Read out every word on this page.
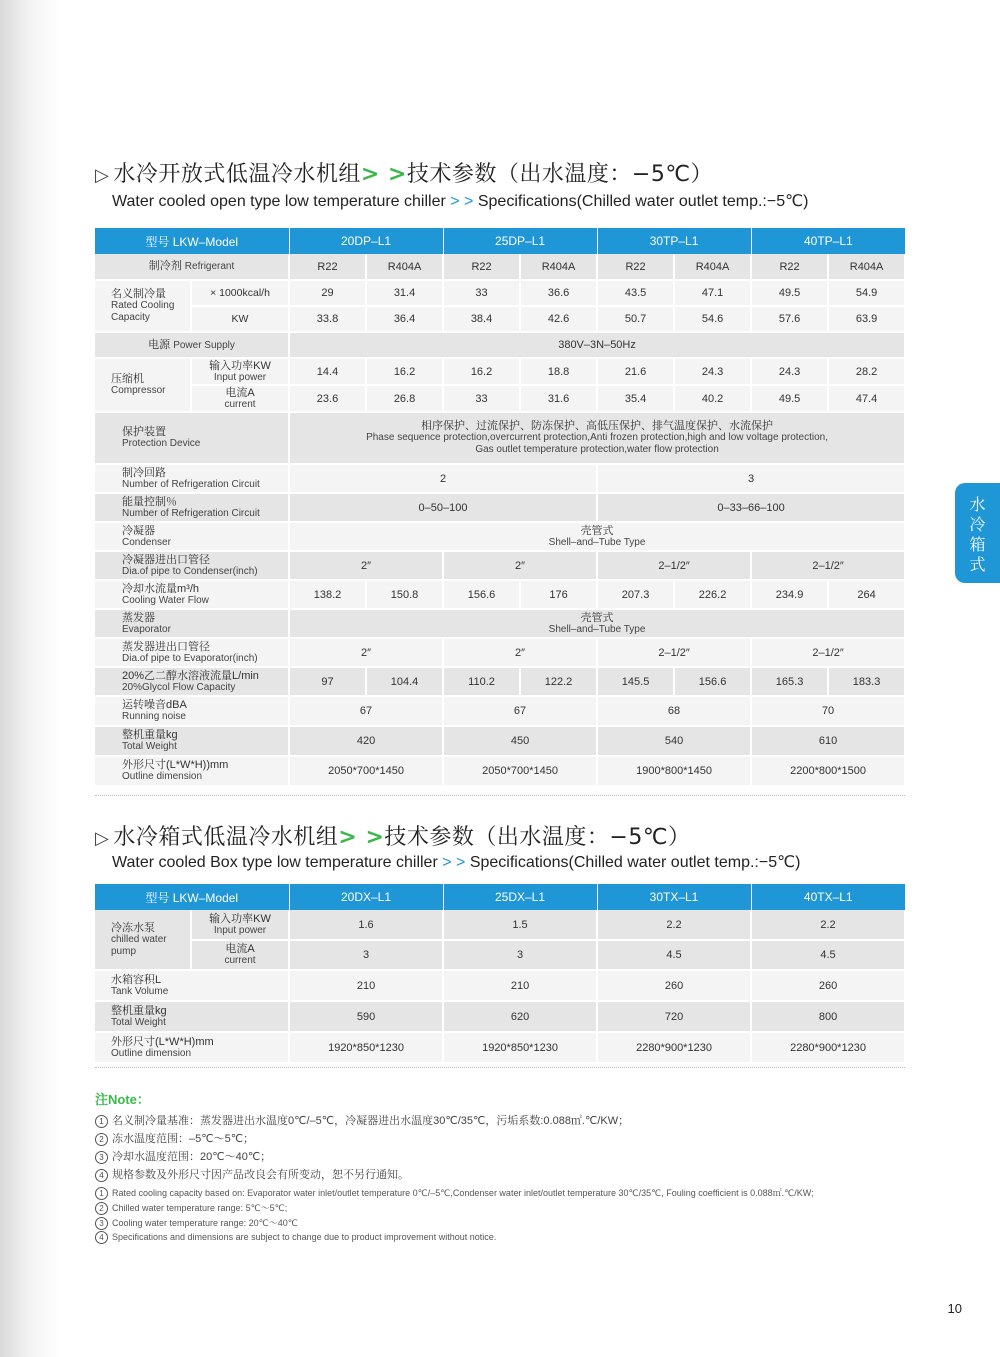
▷ 水冷开放式低温冷水机组> >技术参数（出水温度：−5℃）
Water cooled open type low temperature chiller > > Specifications(Chilled water outlet temp.:−5℃)
型号 LKW–Model		20DP–L1		25DP–L1		30TP–L1		40TP–L1	
制冷剂 Refrigerant		R22	R404A	R22	R404A	R22	R404A	R22	R404A

名义制冷量
Rated Cooling
Capacity	× 1000kcal/h	29	31.4	33	36.6	43.5	47.1	49.5	54.9
	KW	33.8	36.4	38.4	42.6	50.7	54.6	57.6	63.9
电源 Power Supply		380V–3N–50Hz							

压缩机
Compressor	输入功率KW
Input power	14.4	16.2	16.2	18.8	21.6	24.3	24.3	28.2

	电流A
current	23.6	26.8	33	31.6	35.4	40.2	49.5	47.4

保护装置
Protection Device		相序保护、过流保护、防冻保护、高低压保护、排气温度保护、水流保护
Phase sequence protection,overcurrent protection,Anti frozen protection,high and low voltage protection,
Gas outlet temperature protection,water flow protection							

制冷回路
Number of Refrigeration Circuit		2				3			

能量控制％
Number of Refrigeration Circuit		0–50–100				0–33–66–100			

冷凝器
Condenser		壳管式
Shell–and–Tube Type							

冷凝器进出口管径
Dia.of pipe to Condenser(inch)		2″		2″		2–1/2″		2–1/2″	

冷却水流量m³/h
Cooling Water Flow		138.2	150.8	156.6	176	207.3	226.2	234.9	264

蒸发器
Evaporator		壳管式
Shell–and–Tube Type							

蒸发器进出口管径
Dia.of pipe to Evaporator(inch)		2″		2″		2–1/2″		2–1/2″	

20%乙二醇水溶液流量L/min
20%Glycol Flow Capacity		97	104.4	110.2	122.2	145.5	156.6	165.3	183.3

运转噪音dBA
Running noise		67		67		68		70	

整机重量kg
Total Weight		420		450		540		610	

外形尺寸(L*W*H))mm
Outline dimension		2050*700*1450		2050*700*1450		1900*800*1450		2200*800*1500	
▷ 水冷箱式低温冷水机组> >技术参数（出水温度：−5℃）
Water cooled Box type low temperature chiller > > Specifications(Chilled water outlet temp.:−5℃)
型号 LKW–Model		20DX–L1	25DX–L1	30TX–L1	40TX–L1

冷冻水泵
chilled water
pump	输入功率KW
Input power	1.6	1.5	2.2	2.2

	电流A
current	3	3	4.5	4.5

水箱容积L
Tank Volume		210	210	260	260

整机重量kg
Total Weight		590	620	720	800

外形尺寸(L*W*H)mm
Outline dimension		1920*850*1230	1920*850*1230	2280*900*1230	2280*900*1230
水
冷
箱
式
注Note：
1 名义制冷量基准：蒸发器进出水温度0℃/–5℃，冷凝器进出水温度30℃/35℃，污垢系数:0.088㎡.℃/KW；
2 冻水温度范围：–5℃～5℃；
3 冷却水温度范围：20℃～40℃；
4 规格参数及外形尺寸因产品改良会有所变动，恕不另行通知。
1 Rated cooling capacity based on: Evaporator water inlet/outlet temperature 0℃/–5℃,Condenser water inlet/outlet temperature 30℃/35℃, Fouling coefficient is 0.088㎡.℃/KW;
2 Chilled water temperature range: 5℃～5℃;
3 Cooling water temperature range: 20℃～40℃
4 Specifications and dimensions are subject to change due to product improvement without notice.
10
